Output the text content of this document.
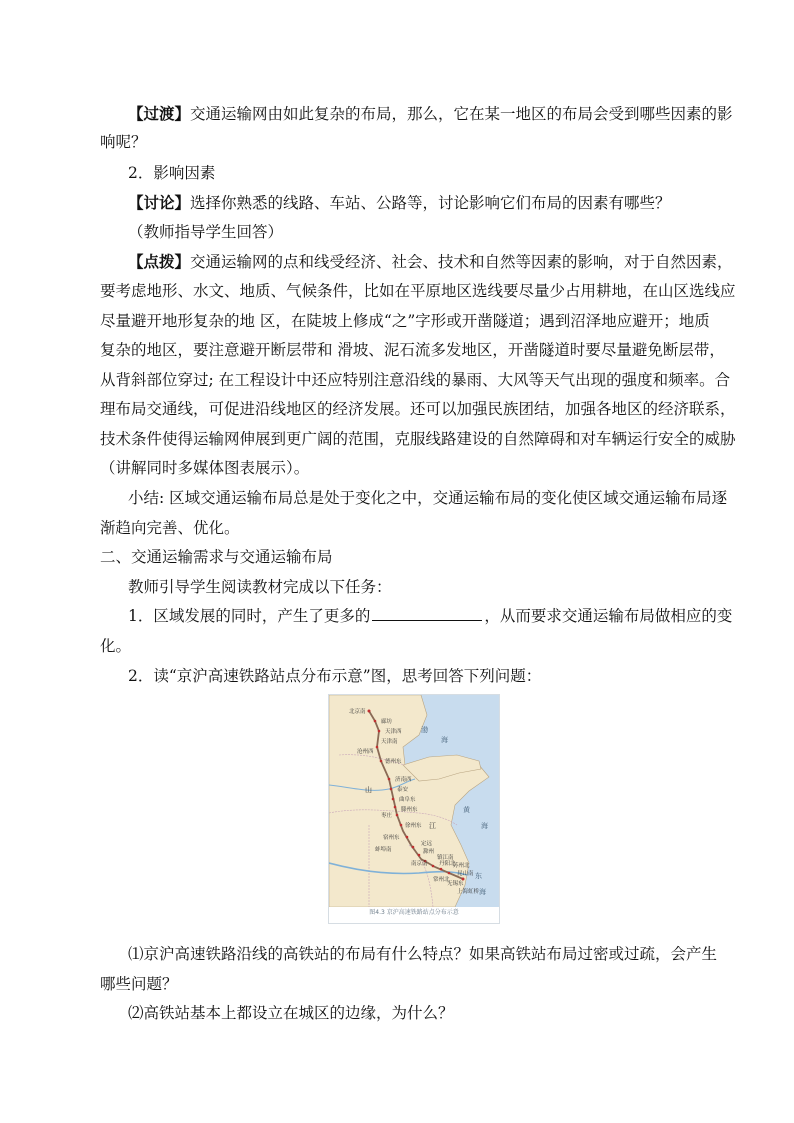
【过渡】交通运输网由如此复杂的布局，那么，它在某一地区的布局会受到哪些因素的影
响呢？
2．影响因素
【讨论】选择你熟悉的线路、车站、公路等，讨论影响它们布局的因素有哪些？
（教师指导学生回答）
【点拨】交通运输网的点和线受经济、社会、技术和自然等因素的影响，对于自然因素，
要考虑地形、水文、地质、气候条件，比如在平原地区选线要尽量少占用耕地，在山区选线应
尽量避开地形复杂的地 区，在陡坡上修成“之”字形或开凿隧道；遇到沼泽地应避开；地质
复杂的地区，要注意避开断层带和 滑坡、泥石流多发地区，开凿隧道时要尽量避免断层带，
从背斜部位穿过; 在工程设计中还应特别注意沿线的暴雨、大风等天气出现的强度和频率。合
理布局交通线，可促进沿线地区的经济发展。还可以加强民族团结，加强各地区的经济联系，
技术条件使得运输网伸展到更广阔的范围，克服线路建设的自然障碍和对车辆运行安全的威胁
（讲解同时多媒体图表展示）。
小结: 区域交通运输布局总是处于变化之中，交通运输布局的变化使区域交通运输布局逐
渐趋向完善、优化。
二、交通运输需求与交通运输布局
教师引导学生阅读教材完成以下任务：
1．区域发展的同时，产生了更多的	，从而要求交通运输布局做相应的变
化。
2．读“京沪高速铁路站点分布示意”图，思考回答下列问题：
北京南
廊坊
天津西
天津南
沧州西
德州东
济南西
泰安
曲阜东
滕州东
枣庄
徐州东
宿州东
蚌埠南
定远
滁州
南京南
镇江南
丹阳北
常州北
无锡东
苏州北
昆山南
上海虹桥
山
江
渤
海
黄
海
东
海
图4.3 京沪高速铁路站点分布示意
⑴京沪高速铁路沿线的高铁站的布局有什么特点？如果高铁站布局过密或过疏，会产生
哪些问题？
⑵高铁站基本上都设立在城区的边缘，为什么？
